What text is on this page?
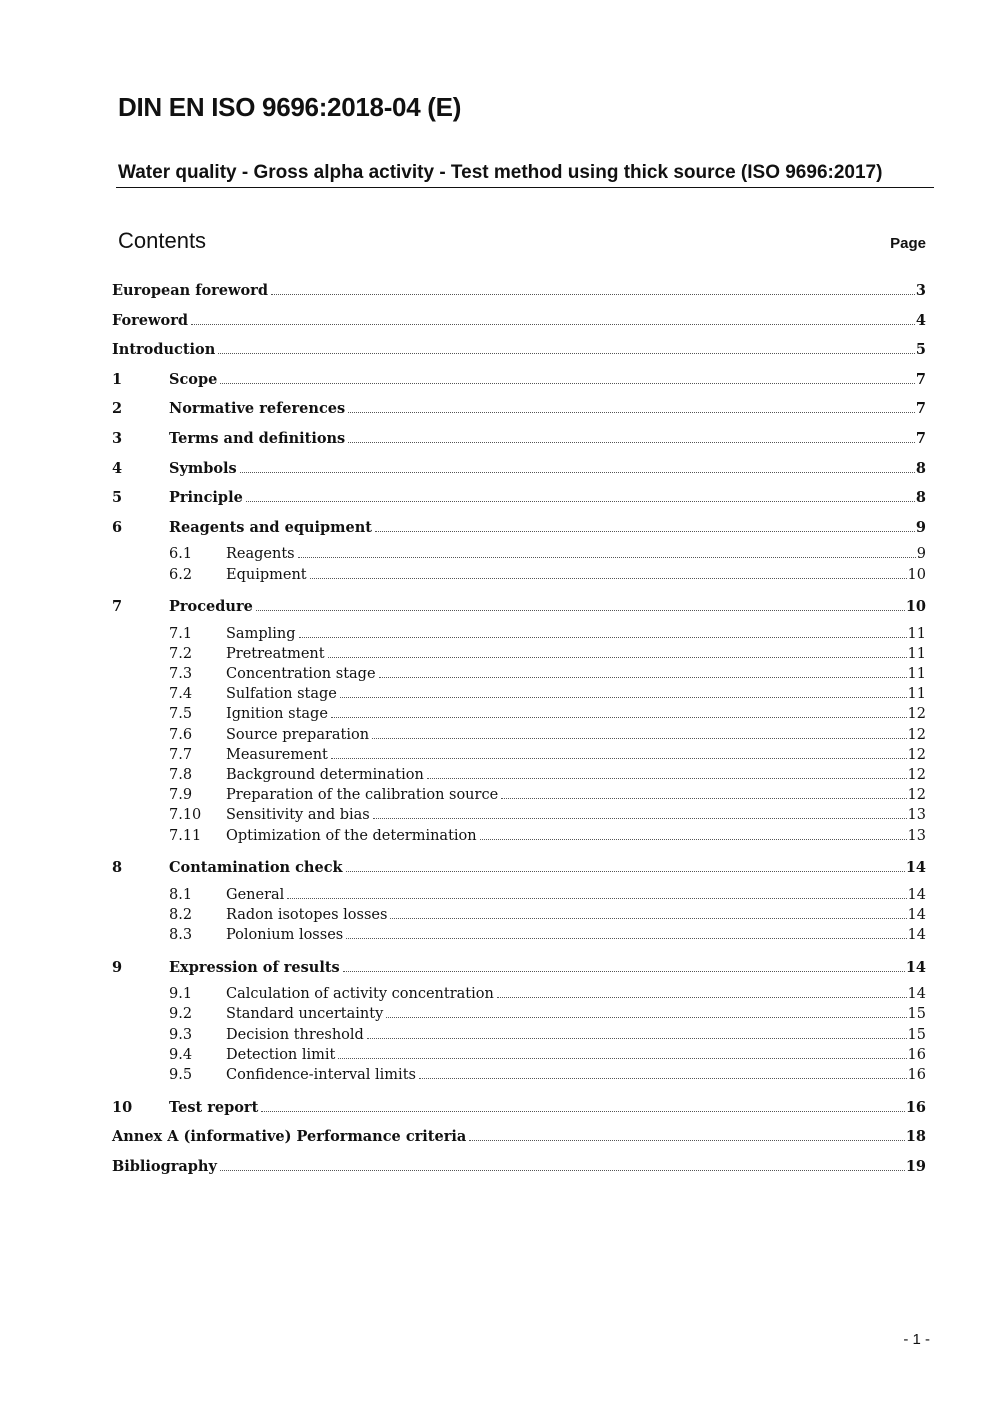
DIN EN ISO 9696:2018-04 (E)
Water quality - Gross alpha activity - Test method using thick source (ISO 9696:2017)
Contents	Page
European foreword	3
Foreword	4
Introduction	5
1	Scope	7
2	Normative references	7
3	Terms and definitions	7
4	Symbols	8
5	Principle	8
6	Reagents and equipment	9
6.1	Reagents	9
6.2	Equipment	10
7	Procedure	10
7.1	Sampling	11
7.2	Pretreatment	11
7.3	Concentration stage	11
7.4	Sulfation stage	11
7.5	Ignition stage	12
7.6	Source preparation	12
7.7	Measurement	12
7.8	Background determination	12
7.9	Preparation of the calibration source	12
7.10	Sensitivity and bias	13
7.11	Optimization of the determination	13
8	Contamination check	14
8.1	General	14
8.2	Radon isotopes losses	14
8.3	Polonium losses	14
9	Expression of results	14
9.1	Calculation of activity concentration	14
9.2	Standard uncertainty	15
9.3	Decision threshold	15
9.4	Detection limit	16
9.5	Confidence-interval limits	16
10	Test report	16
Annex A (informative) Performance criteria	18
Bibliography	19
- 1 -
